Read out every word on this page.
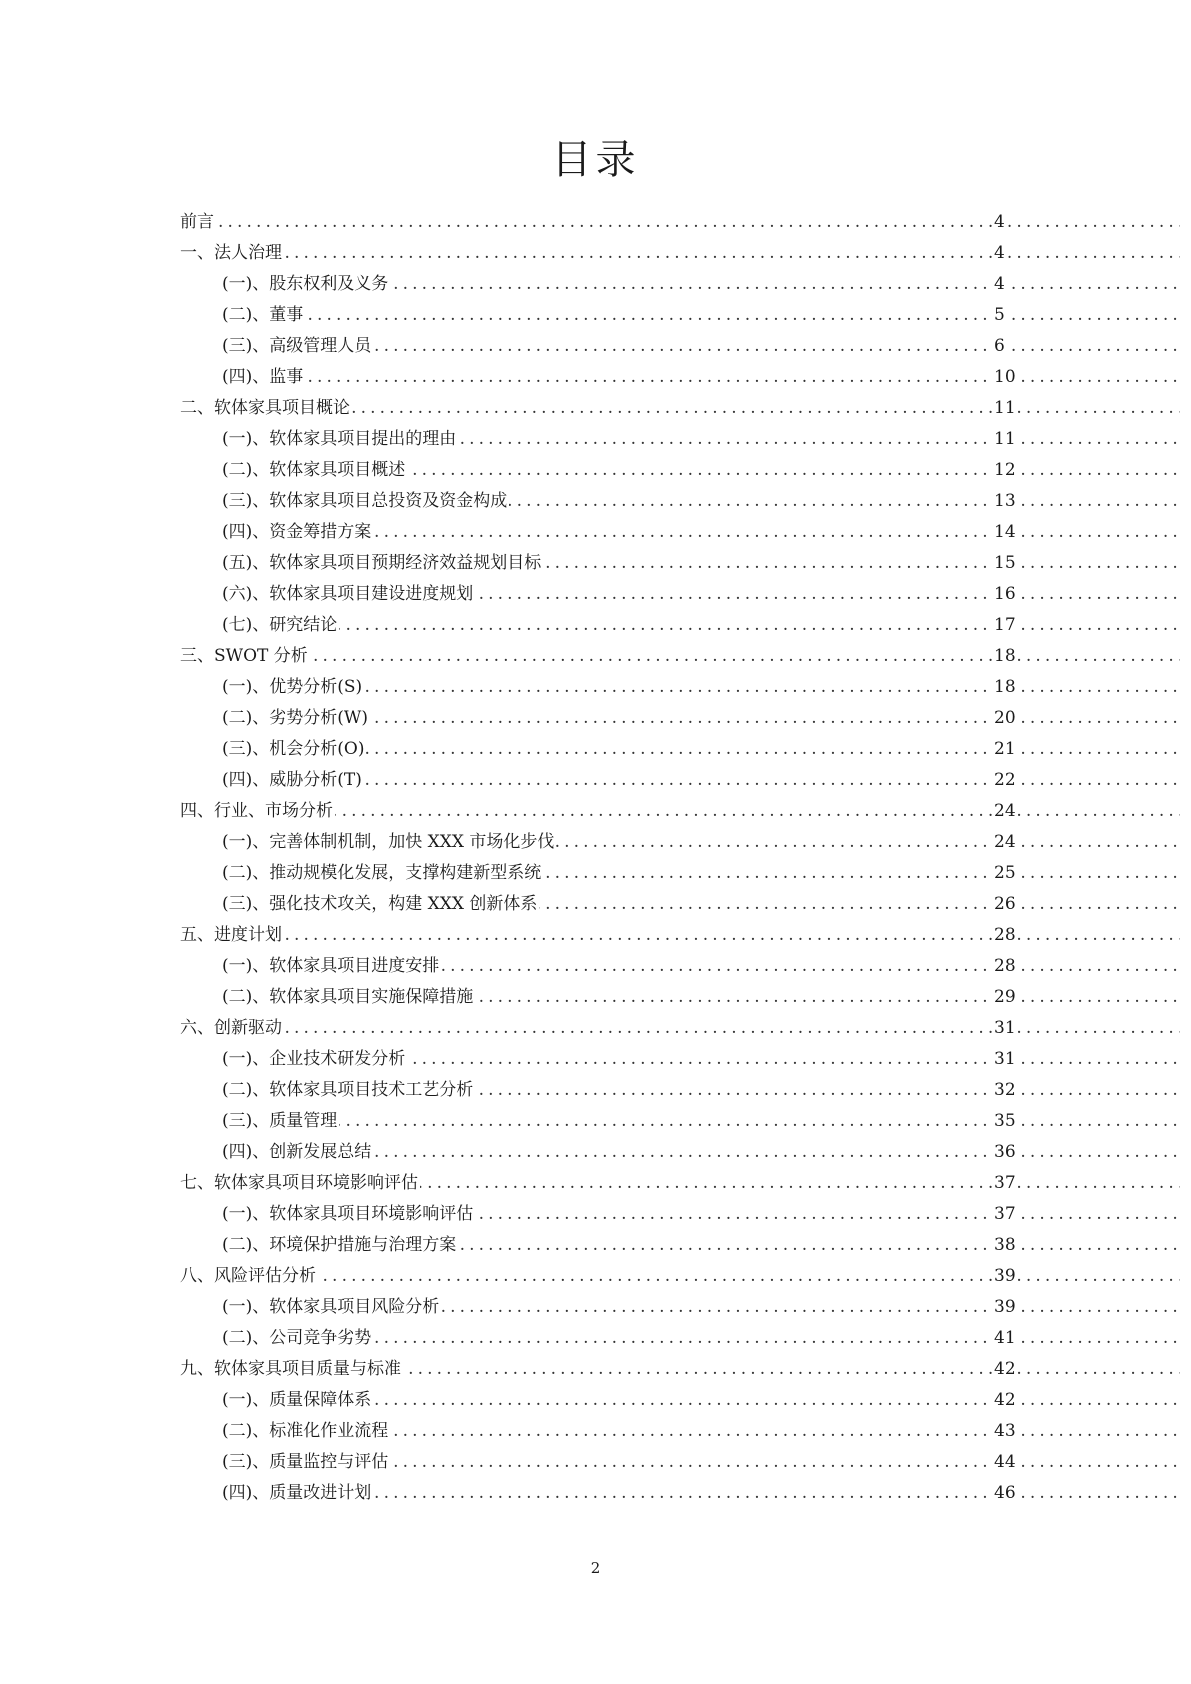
目录
.....
前言	4
.....
一、法人治理	4
.....
(一)、股东权利及义务	4
.....
(二)、董事	5
.....
(三)、高级管理人员	6
.....
(四)、监事	10
.....
二、软体家具项目概论	11
.....
(一)、软体家具项目提出的理由	11
.....
(二)、软体家具项目概述	12
.....
(三)、软体家具项目总投资及资金构成	13
.....
(四)、资金筹措方案	14
.....
(五)、软体家具项目预期经济效益规划目标	15
.....
(六)、软体家具项目建设进度规划	16
.....
(七)、研究结论	17
.....
三、SWOT 分析	18
.....
(一)、优势分析(S)	18
.....
(二)、劣势分析(W)	20
.....
(三)、机会分析(O)	21
.....
(四)、威胁分析(T)	22
.....
四、行业、市场分析	24
.....
(一)、完善体制机制，加快 XXX 市场化步伐	24
.....
(二)、推动规模化发展，支撑构建新型系统	25
.....
(三)、强化技术攻关，构建 XXX 创新体系	26
.....
五、进度计划	28
.....
(一)、软体家具项目进度安排	28
.....
(二)、软体家具项目实施保障措施	29
.....
六、创新驱动	31
.....
(一)、企业技术研发分析	31
.....
(二)、软体家具项目技术工艺分析	32
.....
(三)、质量管理	35
.....
(四)、创新发展总结	36
.....
七、软体家具项目环境影响评估	37
.....
(一)、软体家具项目环境影响评估	37
.....
(二)、环境保护措施与治理方案	38
.....
八、风险评估分析	39
.....
(一)、软体家具项目风险分析	39
.....
(二)、公司竞争劣势	41
.....
九、软体家具项目质量与标准	42
.....
(一)、质量保障体系	42
.....
(二)、标准化作业流程	43
.....
(三)、质量监控与评估	44
.....
(四)、质量改进计划	46
2
